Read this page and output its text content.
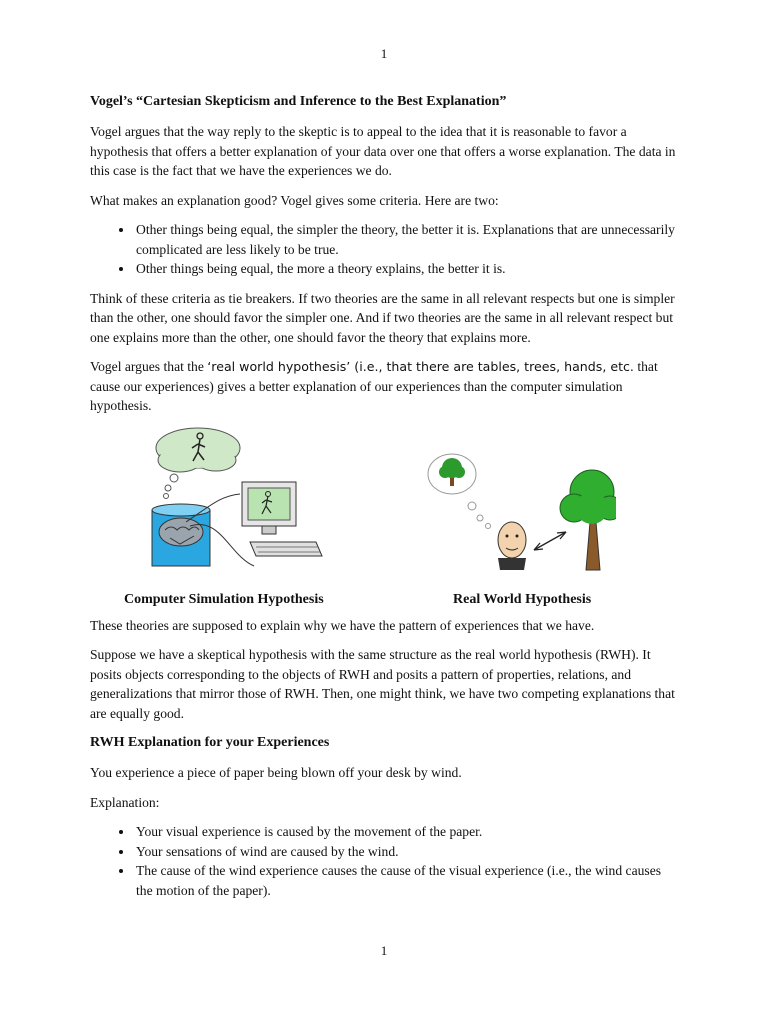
1
Vogel’s “Cartesian Skepticism and Inference to the Best Explanation”

Vogel argues that the way reply to the skeptic is to appeal to the idea that it is reasonable to favor a hypothesis that offers a better explanation of your data over one that offers a worse explanation. The data in this case is the fact that we have the experiences we do.

What makes an explanation good? Vogel gives some criteria. Here are two:

• Other things being equal, the simpler the theory, the better it is. Explanations that are unnecessarily complicated are less likely to be true.
• Other things being equal, the more a theory explains, the better it is.

Think of these criteria as tie breakers. If two theories are the same in all relevant respects but one is simpler than the other, one should favor the simpler one. And if two theories are the same in all relevant respect but one explains more than the other, one should favor the theory that explains more.

Vogel argues that the ‘real world hypothesis’ (i.e., that there are tables, trees, hands, etc. that cause our experiences) gives a better explanation of our experiences than the computer simulation hypothesis.

Computer Simulation Hypothesis	Real World Hypothesis

These theories are supposed to explain why we have the pattern of experiences that we have.

Suppose we have a skeptical hypothesis with the same structure as the real world hypothesis (RWH). It posits objects corresponding to the objects of RWH and posits a pattern of properties, relations, and generalizations that mirror those of RWH. Then, one might think, we have two competing explanations that are equally good.

RWH Explanation for your Experiences

You experience a piece of paper being blown off your desk by wind.

Explanation:

• Your visual experience is caused by the movement of the paper.
• Your sensations of wind are caused by the wind.
• The cause of the wind experience causes the cause of the visual experience (i.e., the wind causes the motion of the paper).
1
